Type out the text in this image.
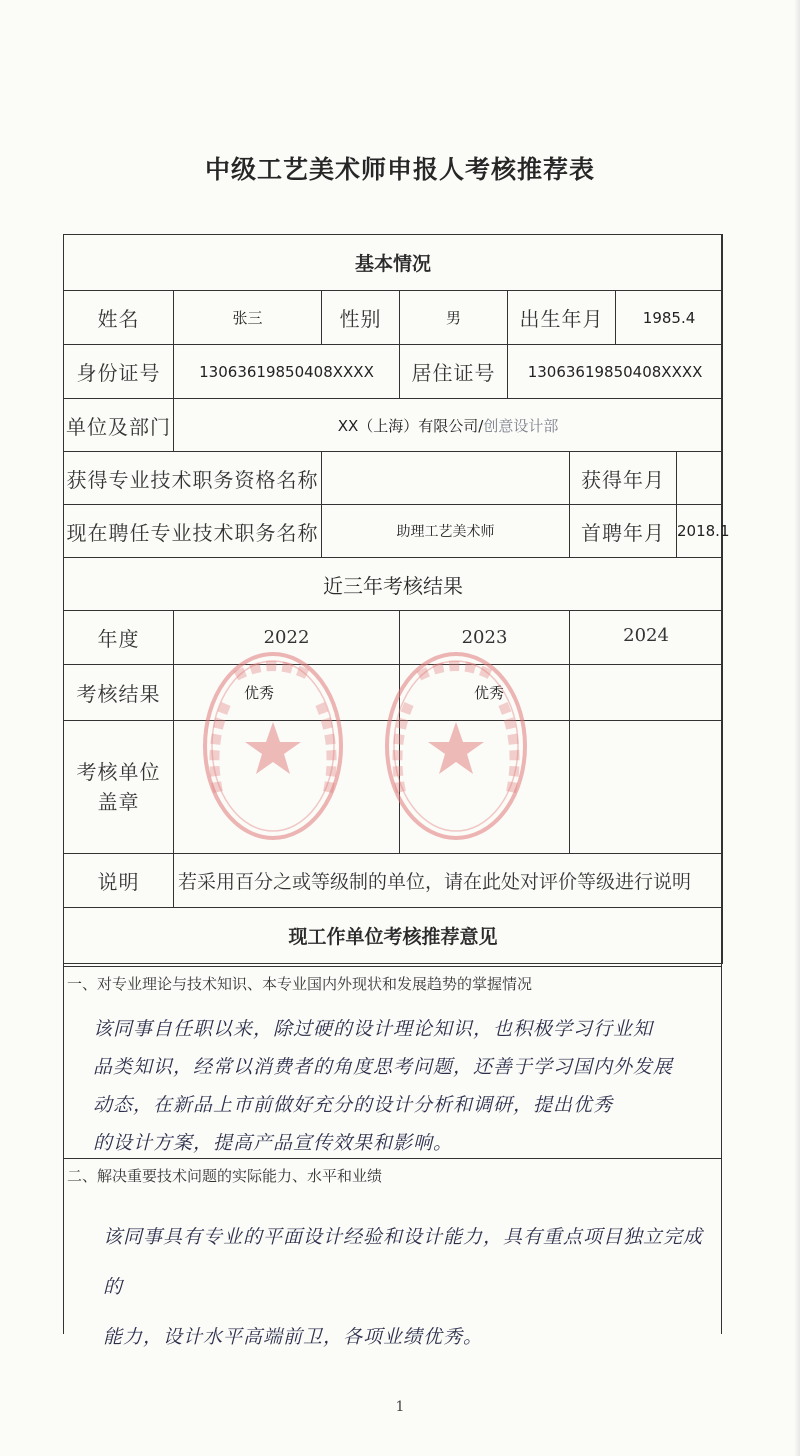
中级工艺美术师申报人考核推荐表
基本情况							
姓名	张三	性别	男	出生年月		1985.4	
身份证号	13063619850408XXXX		居住证号	13063619850408XXXX			
单位及部门	XX（上海）有限公司/创意设计部						
获得专业技术职务资格名称					获得年月		
现在聘任专业技术职务名称		助理工艺美术师			首聘年月		2018.1
近三年考核结果							
年度	2022		2023		2024		
考核结果	优秀		优秀				
考核单位
盖章							
说明	若采用百分之或等级制的单位，请在此处对评价等级进行说明						
现工作单位考核推荐意见							
一、对专业理论与技术知识、本专业国内外现状和发展趋势的掌握情况
该同事自任职以来，除过硬的设计理论知识，也积极学习行业知
品类知识，经常以消费者的角度思考问题，还善于学习国内外发展
动态，在新品上市前做好充分的设计分析和调研，提出优秀
的设计方案，提高产品宣传效果和影响。
二、解决重要技术问题的实际能力、水平和业绩
该同事具有专业的平面设计经验和设计能力，具有重点项目独立完成的
能力，设计水平高端前卫，各项业绩优秀。
1
